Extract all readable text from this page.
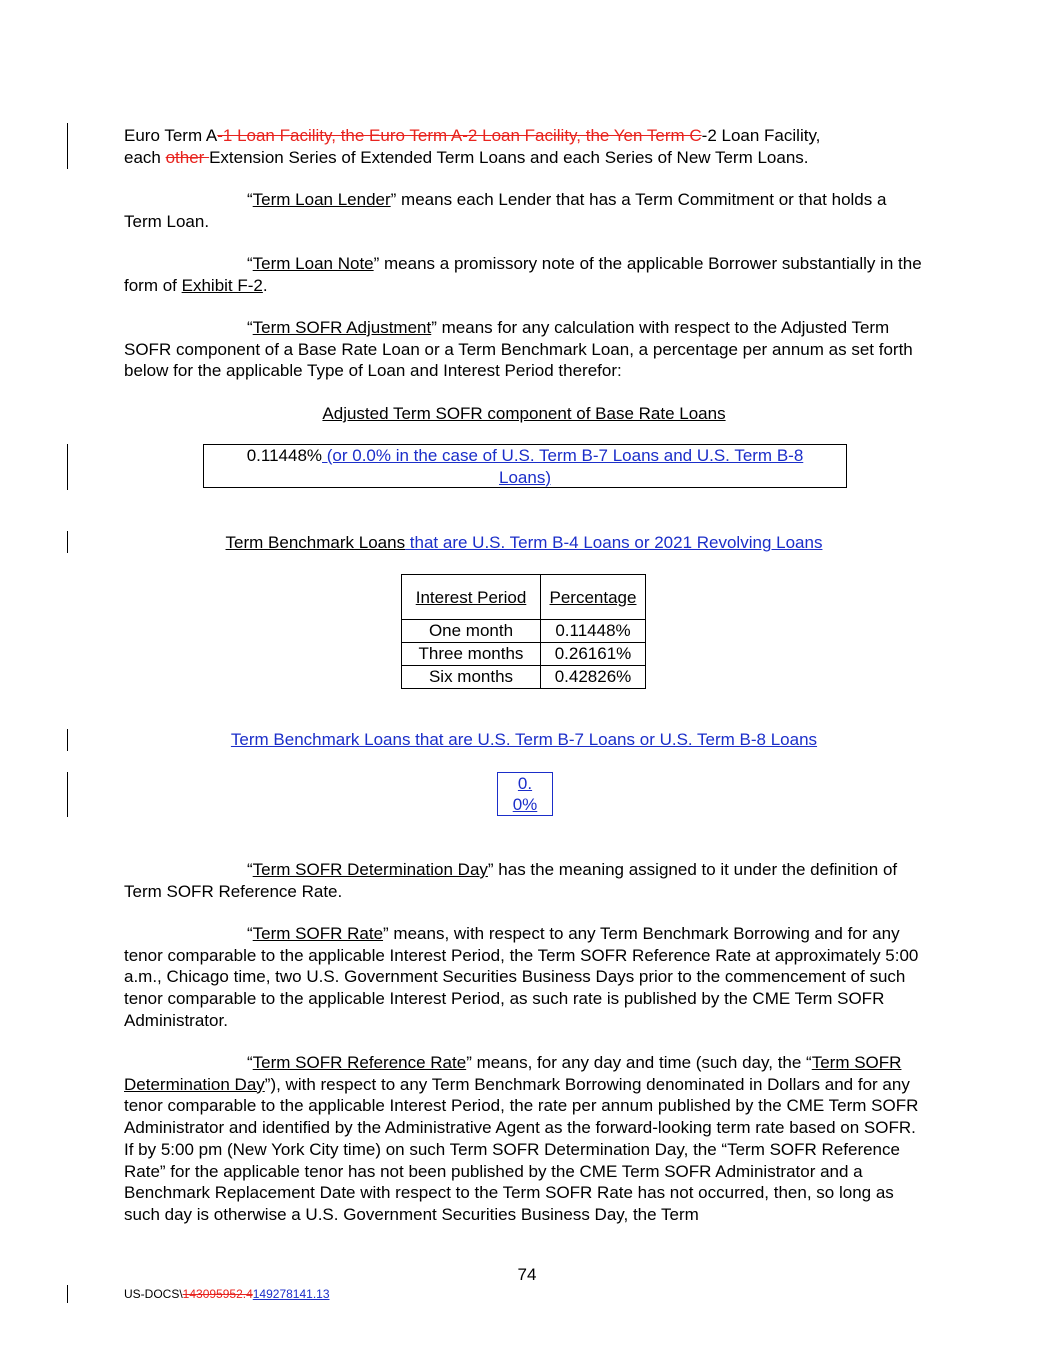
Euro Term A-1 Loan Facility, the Euro Term A-2 Loan Facility, the Yen Term C-2 Loan Facility,
each other Extension Series of Extended Term Loans and each Series of New Term Loans.

“Term Loan Lender” means each Lender that has a Term Commitment or that holds a Term Loan.

“Term Loan Note” means a promissory note of the applicable Borrower substantially in the form of Exhibit F-2.

“Term SOFR Adjustment” means for any calculation with respect to the Adjusted Term SOFR component of a Base Rate Loan or a Term Benchmark Loan, a percentage per annum as set forth below for the applicable Type of Loan and Interest Period therefor:

Adjusted Term SOFR component of Base Rate Loans
0.11448% (or 0.0% in the case of U.S. Term B-7 Loans and U.S. Term B-8 Loans)
Term Benchmark Loans that are U.S. Term B-4 Loans or 2021 Revolving Loans
Interest Period	Percentage
One month	0.11448%
Three months	0.26161%
Six months	0.42826%
Term Benchmark Loans that are U.S. Term B-7 Loans or U.S. Term B-8 Loans
0.0%

“Term SOFR Determination Day” has the meaning assigned to it under the definition of Term SOFR Reference Rate.

“Term SOFR Rate” means, with respect to any Term Benchmark Borrowing and for any tenor comparable to the applicable Interest Period, the Term SOFR Reference Rate at approximately 5:00 a.m., Chicago time, two U.S. Government Securities Business Days prior to the commencement of such tenor comparable to the applicable Interest Period, as such rate is published by the CME Term SOFR Administrator.

“Term SOFR Reference Rate” means, for any day and time (such day, the “Term SOFR Determination Day”), with respect to any Term Benchmark Borrowing denominated in Dollars and for any tenor comparable to the applicable Interest Period, the rate per annum published by the CME Term SOFR Administrator and identified by the Administrative Agent as the forward-looking term rate based on SOFR. If by 5:00 pm (New York City time) on such Term SOFR Determination Day, the “Term SOFR Reference Rate” for the applicable tenor has not been published by the CME Term SOFR Administrator and a Benchmark Replacement Date with respect to the Term SOFR Rate has not occurred, then, so long as such day is otherwise a U.S. Government Securities Business Day, the Term

74
US-DOCS\143095952.4149278141.13
